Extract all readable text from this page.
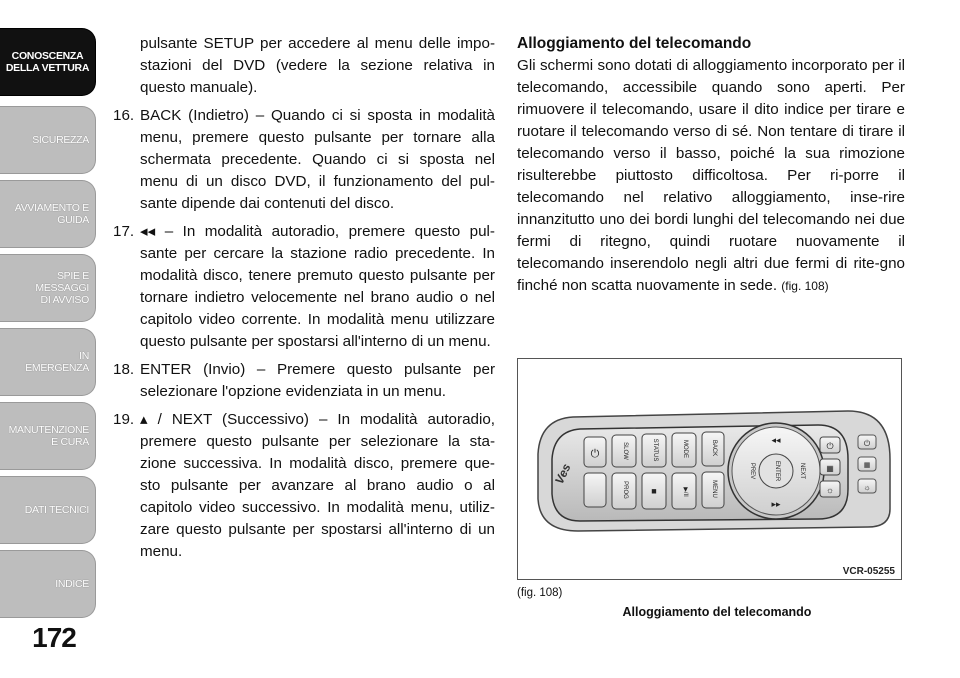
CONOSCENZA
DELLA VETTURA
SICUREZZA
AVVIAMENTO E
GUIDA
SPIE E
MESSAGGI
DI AVVISO
IN
EMERGENZA
MANUTENZIONE
E CURA
DATI TECNICI
INDICE
172

pulsante SETUP per accedere al menu delle impo-stazioni del DVD (vedere la sezione relativa in questo manuale).

16. BACK (Indietro) – Quando ci si sposta in modalità menu, premere questo pulsante per tornare alla schermata precedente. Quando ci si sposta nel menu di un disco DVD, il funzionamento del pul-sante dipende dai contenuti del disco.
17. ◂◂ – In modalità autoradio, premere questo pul-sante per cercare la stazione radio precedente. In modalità disco, tenere premuto questo pulsante per tornare indietro velocemente nel brano audio o nel capitolo video corrente. In modalità menu utilizzare questo pulsante per spostarsi all'interno di un menu.
18. ENTER (Invio) – Premere questo pulsante per selezionare l'opzione evidenziata in un menu.
19. ▴ / NEXT (Successivo) – In modalità autoradio, premere questo pulsante per selezionare la sta-zione successiva. In modalità disco, premere que-sto pulsante per avanzare al brano audio o al capitolo video successivo. In modalità menu, utiliz-zare questo pulsante per spostarsi all'interno di un menu.
Alloggiamento del telecomando

Gli schermi sono dotati di alloggiamento incorporato per il telecomando, accessibile quando sono aperti. Per rimuovere il telecomando, usare il dito indice per tirare e ruotare il telecomando verso di sé. Non tentare di tirare il telecomando verso il basso, poiché la sua rimozione risulterebbe piuttosto difficoltosa. Per ri-porre il telecomando nel relativo alloggiamento, inse-rire innanzitutto uno dei bordi lunghi del telecomando nei due fermi di ritegno, quindi ruotare nuovamente il telecomando inserendolo negli altri due fermi di rite-gno finché non scatta nuovamente in sede. (fig. 108)

Ves
⏻	SLOW	STATUS	MODE	BACK
PROG	■	▶/II	MENU
ENTER
PREV	NEXT
◂◂
▸▸
⏻
▦
☼
⏻
▦
☼
VCR-05255
(fig. 108)
Alloggiamento del telecomando
